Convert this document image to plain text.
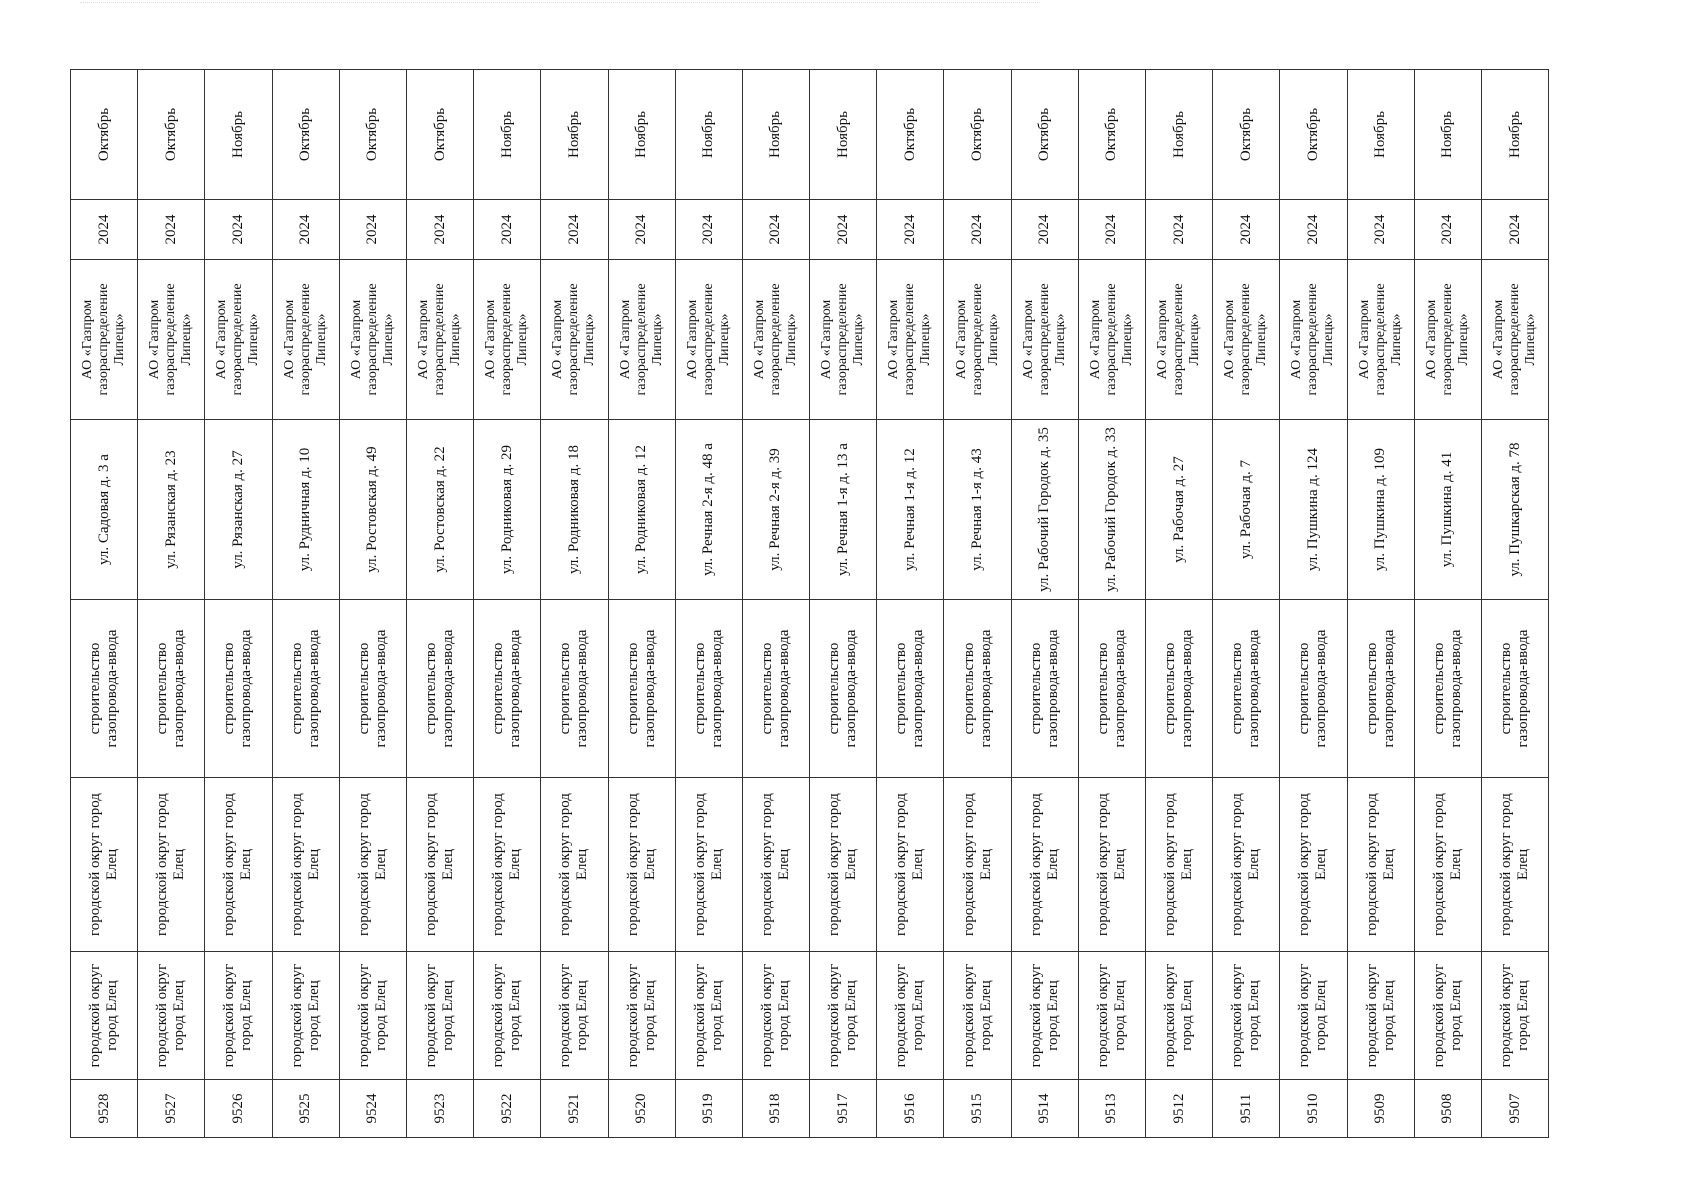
9528	городской округ город Елец	городской округ город Елец	строительство газопровода-ввода	ул. Садовая д. 3 а	АО «Газпром газораспределение Липецк»	2024	Октябрь
9527	городской округ город Елец	городской округ город Елец	строительство газопровода-ввода	ул. Рязанская д. 23	АО «Газпром газораспределение Липецк»	2024	Октябрь
9526	городской округ город Елец	городской округ город Елец	строительство газопровода-ввода	ул. Рязанская д. 27	АО «Газпром газораспределение Липецк»	2024	Ноябрь
9525	городской округ город Елец	городской округ город Елец	строительство газопровода-ввода	ул. Рудничная д. 10	АО «Газпром газораспределение Липецк»	2024	Октябрь
9524	городской округ город Елец	городской округ город Елец	строительство газопровода-ввода	ул. Ростовская д. 49	АО «Газпром газораспределение Липецк»	2024	Октябрь
9523	городской округ город Елец	городской округ город Елец	строительство газопровода-ввода	ул. Ростовская д. 22	АО «Газпром газораспределение Липецк»	2024	Октябрь
9522	городской округ город Елец	городской округ город Елец	строительство газопровода-ввода	ул. Родниковая д. 29	АО «Газпром газораспределение Липецк»	2024	Ноябрь
9521	городской округ город Елец	городской округ город Елец	строительство газопровода-ввода	ул. Родниковая д. 18	АО «Газпром газораспределение Липецк»	2024	Ноябрь
9520	городской округ город Елец	городской округ город Елец	строительство газопровода-ввода	ул. Родниковая д. 12	АО «Газпром газораспределение Липецк»	2024	Ноябрь
9519	городской округ город Елец	городской округ город Елец	строительство газопровода-ввода	ул. Речная 2-я д. 48 а	АО «Газпром газораспределение Липецк»	2024	Ноябрь
9518	городской округ город Елец	городской округ город Елец	строительство газопровода-ввода	ул. Речная 2-я д. 39	АО «Газпром газораспределение Липецк»	2024	Ноябрь
9517	городской округ город Елец	городской округ город Елец	строительство газопровода-ввода	ул. Речная 1-я д. 13 а	АО «Газпром газораспределение Липецк»	2024	Ноябрь
9516	городской округ город Елец	городской округ город Елец	строительство газопровода-ввода	ул. Речная 1-я д. 12	АО «Газпром газораспределение Липецк»	2024	Октябрь
9515	городской округ город Елец	городской округ город Елец	строительство газопровода-ввода	ул. Речная 1-я д. 43	АО «Газпром газораспределение Липецк»	2024	Октябрь
9514	городской округ город Елец	городской округ город Елец	строительство газопровода-ввода	ул. Рабочий Городок д. 35	АО «Газпром газораспределение Липецк»	2024	Октябрь
9513	городской округ город Елец	городской округ город Елец	строительство газопровода-ввода	ул. Рабочий Городок д. 33	АО «Газпром газораспределение Липецк»	2024	Октябрь
9512	городской округ город Елец	городской округ город Елец	строительство газопровода-ввода	ул. Рабочая д. 27	АО «Газпром газораспределение Липецк»	2024	Ноябрь
9511	городской округ город Елец	городской округ город Елец	строительство газопровода-ввода	ул. Рабочая д. 7	АО «Газпром газораспределение Липецк»	2024	Октябрь
9510	городской округ город Елец	городской округ город Елец	строительство газопровода-ввода	ул. Пушкина д. 124	АО «Газпром газораспределение Липецк»	2024	Октябрь
9509	городской округ город Елец	городской округ город Елец	строительство газопровода-ввода	ул. Пушкина д. 109	АО «Газпром газораспределение Липецк»	2024	Ноябрь
9508	городской округ город Елец	городской округ город Елец	строительство газопровода-ввода	ул. Пушкина д. 41	АО «Газпром газораспределение Липецк»	2024	Ноябрь
9507	городской округ город Елец	городской округ город Елец	строительство газопровода-ввода	ул. Пушкарская д. 78	АО «Газпром газораспределение Липецк»	2024	Ноябрь
